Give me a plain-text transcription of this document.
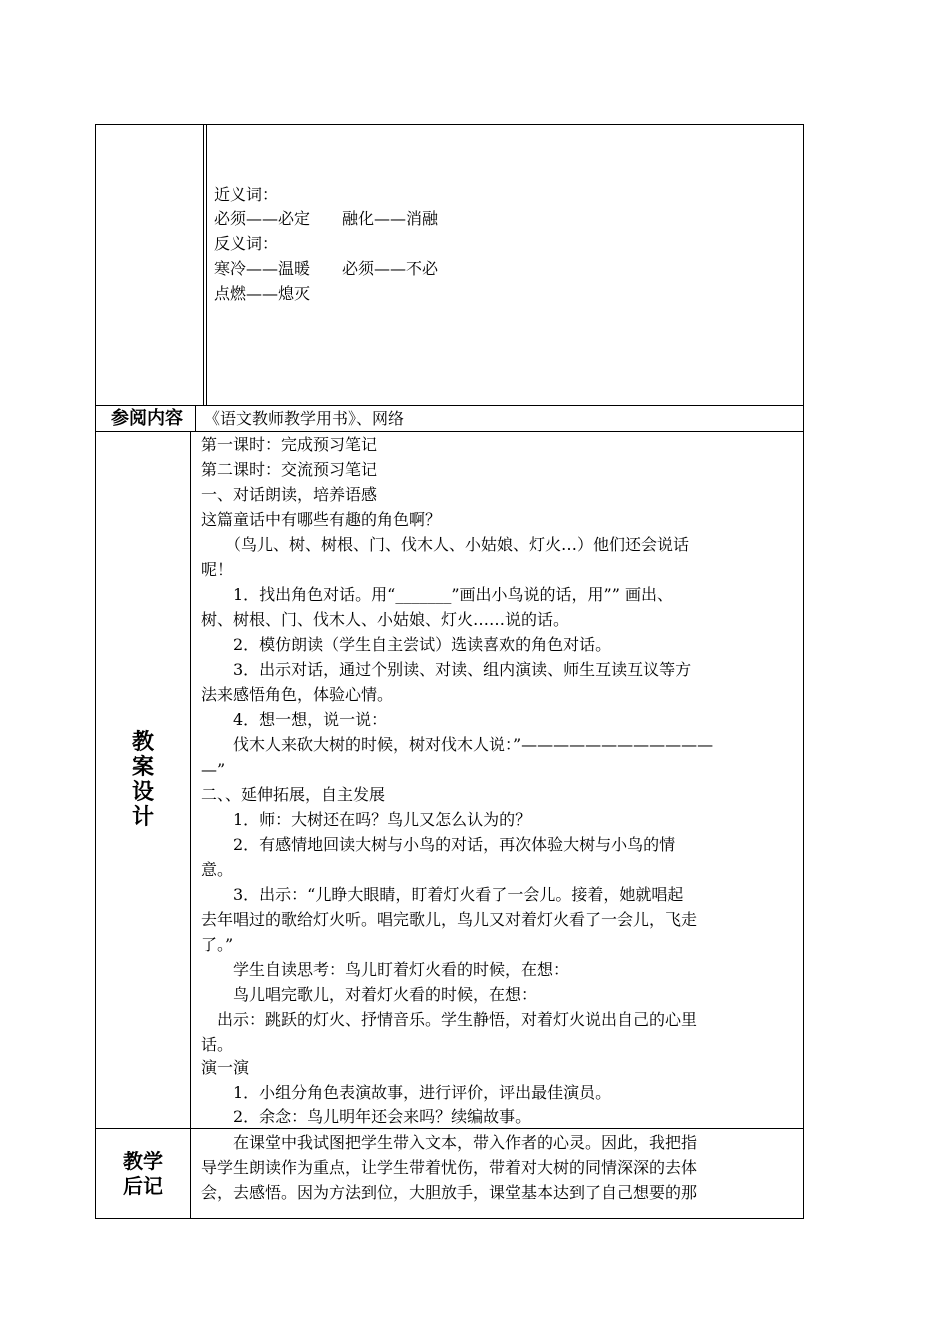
近义词：
必须——必定　　融化——消融
反义词：
寒冷——温暖　　必须——不必
点燃——熄灭
参阅内容	《语文教师教学用书》、网络
教
案
设
计
第一课时：完成预习笔记
第二课时：交流预习笔记
一、对话朗读，培养语感
这篇童话中有哪些有趣的角色啊？
　　（鸟儿、树、树根、门、伐木人、小姑娘、灯火…）他们还会说话
呢！
　　1．找出角色对话。用“_______”画出小鸟说的话，用”” 画出、
树、树根、门、伐木人、小姑娘、灯火……说的话。
　　2．模仿朗读（学生自主尝试）选读喜欢的角色对话。
　　3．出示对话，通过个别读、对读、组内演读、师生互读互议等方
法来感悟角色，体验心情。
　　4．想一想，说一说：
　　伐木人来砍大树的时候，树对伐木人说：”————————————
—”
二、、延伸拓展，自主发展
　　1．师：大树还在吗？鸟儿又怎么认为的？
　　2．有感情地回读大树与小鸟的对话，再次体验大树与小鸟的情
意。
　　3．出示：“儿睁大眼睛，盯着灯火看了一会儿。接着，她就唱起
去年唱过的歌给灯火听。唱完歌儿，鸟儿又对着灯火看了一会儿，飞走
了。”
　　学生自读思考：鸟儿盯着灯火看的时候，在想：
　　鸟儿唱完歌儿，对着灯火看的时候，在想：
　出示：跳跃的灯火、抒情音乐。学生静悟，对着灯火说出自己的心里
话。
演一演
　　1．小组分角色表演故事，进行评价，评出最佳演员。
　　2．余念：鸟儿明年还会来吗？续编故事。
教学
后记
　　在课堂中我试图把学生带入文本，带入作者的心灵。因此，我把指
导学生朗读作为重点，让学生带着忧伤，带着对大树的同情深深的去体
会，去感悟。因为方法到位，大胆放手，课堂基本达到了自己想要的那
